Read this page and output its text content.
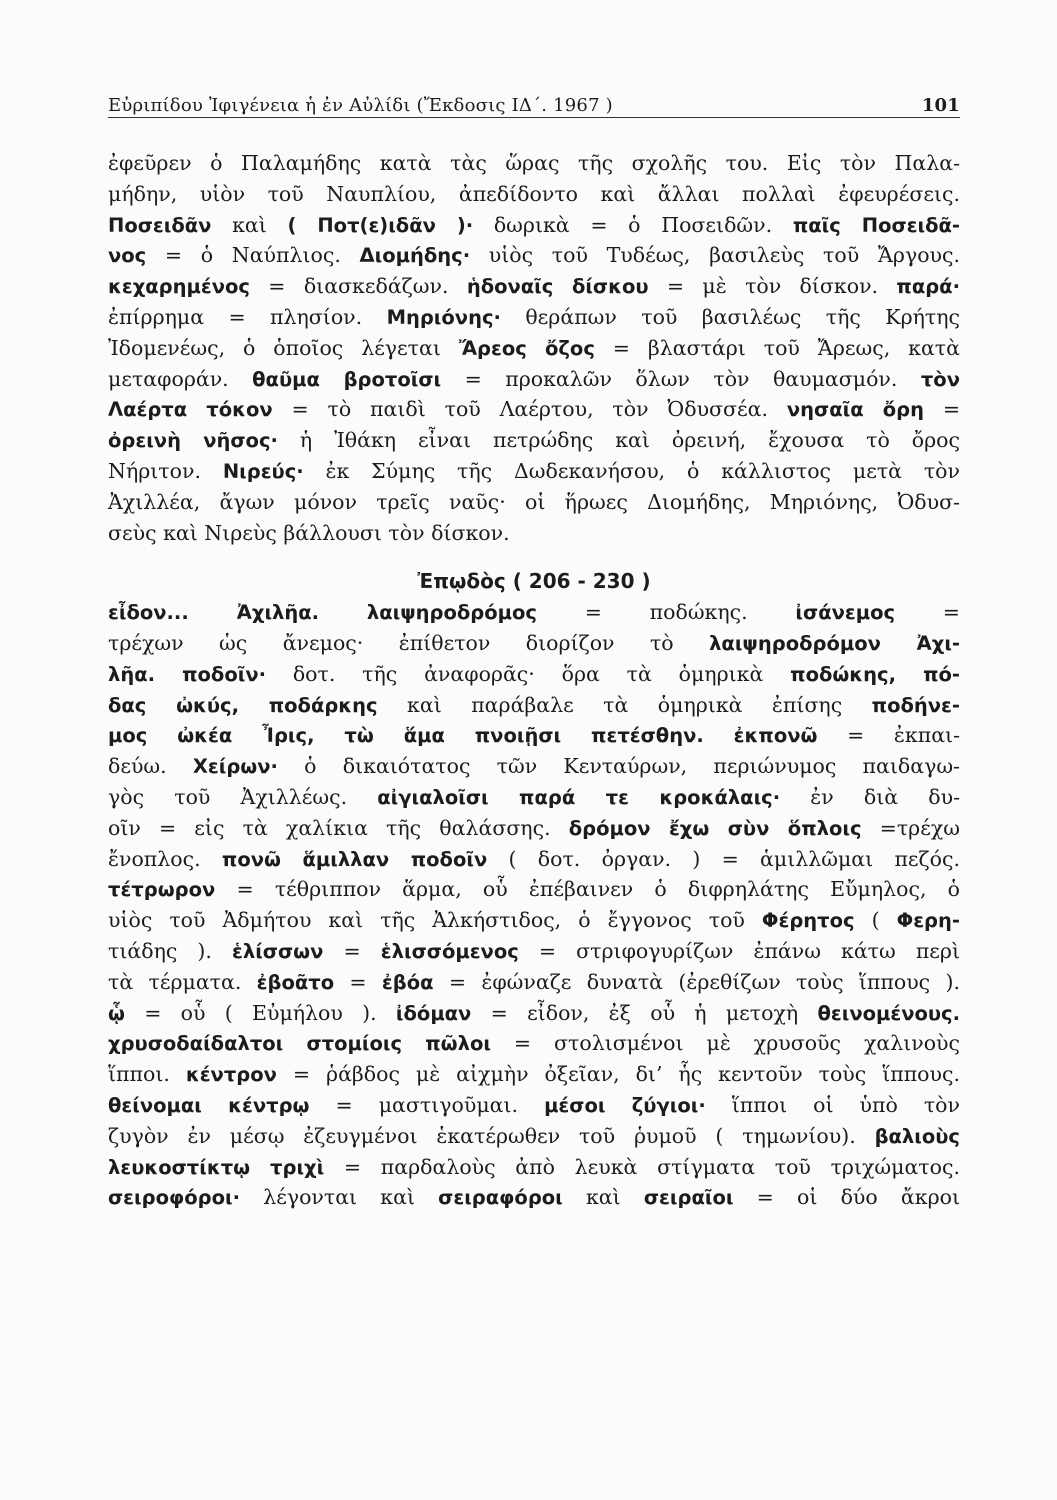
Εὐριπίδου Ἰφιγένεια ἡ ἐν Αὐλίδι (Ἔκδοσις ΙΔ΄. 1967 )	101
ἐφεῦρεν ὁ Παλαμήδης κατὰ τὰς ὥρας τῆς σχολῆς του. Εἰς τὸν Παλα-
μήδην, υἱὸν τοῦ Ναυπλίου, ἀπεδίδοντο καὶ ἄλλαι πολλαὶ ἐφευρέσεις.
Ποσειδᾶν καὶ ( Ποτ(ε)ιδᾶν )· δωρικὰ = ὁ Ποσειδῶν. παῖς Ποσειδᾶ-
νος = ὁ Ναύπλιος. Διομήδης· υἱὸς τοῦ Τυδέως, βασιλεὺς τοῦ Ἄργους.
κεχαρημένος = διασκεδάζων. ἡδοναῖς δίσκου = μὲ τὸν δίσκον. παρά·
ἐπίρρημα = πλησίον. Μηριόνης· θεράπων τοῦ βασιλέως τῆς Κρήτης
Ἰδομενέως, ὁ ὁποῖος λέγεται Ἄρεος ὄζος = βλαστάρι τοῦ Ἄρεως, κατὰ
μεταφοράν. θαῦμα βροτοῖσι = προκαλῶν ὅλων τὸν θαυμασμόν. τὸν
Λαέρτα τόκον = τὸ παιδὶ τοῦ Λαέρτου, τὸν Ὀδυσσέα. νησαῖα ὄρη =
ὀρεινὴ νῆσος· ἡ Ἰθάκη εἶναι πετρώδης καὶ ὀρεινή, ἔχουσα τὸ ὄρος
Νήριτον. Νιρεύς· ἐκ Σύμης τῆς Δωδεκανήσου, ὁ κάλλιστος μετὰ τὸν
Ἀχιλλέα, ἄγων μόνον τρεῖς ναῦς· οἱ ἥρωες Διομήδης, Μηριόνης, Ὀδυσ-
σεὺς καὶ Νιρεὺς βάλλουσι τὸν δίσκον.
Ἐπῳδὸς ( 206 - 230 )
εἶδον... Ἀχιλῆα. λαιψηροδρόμος = ποδώκης. ἰσάνεμος =
τρέχων ὡς ἄνεμος· ἐπίθετον διορίζον τὸ λαιψηροδρόμον Ἀχι-
λῆα. ποδοῖν· δοτ. τῆς ἀναφορᾶς· ὅρα τὰ ὁμηρικὰ ποδώκης, πό-
δας ὠκύς, ποδάρκης καὶ παράβαλε τὰ ὁμηρικὰ ἐπίσης ποδήνε-
μος ὠκέα Ἶρις, τὼ ἅμα πνοιῇσι πετέσθην. ἐκπονῶ = ἐκπαι-
δεύω. Χείρων· ὁ δικαιότατος τῶν Κενταύρων, περιώνυμος παιδαγω-
γὸς τοῦ Ἀχιλλέως. αἰγιαλοῖσι παρά τε κροκάλαις· ἐν διὰ δυ-
οῖν = εἰς τὰ χαλίκια τῆς θαλάσσης. δρόμον ἔχω σὺν ὅπλοις =τρέχω
ἔνοπλος. πονῶ ἅμιλλαν ποδοῖν ( δοτ. ὀργαν. ) = ἁμιλλῶμαι πεζός.
τέτρωρον = τέθριππον ἅρμα, οὗ ἐπέβαινεν ὁ διφρηλάτης Εὔμηλος, ὁ
υἱὸς τοῦ Ἀδμήτου καὶ τῆς Ἀλκήστιδος, ὁ ἔγγονος τοῦ Φέρητος ( Φερη-
τιάδης ). ἑλίσσων = ἑλισσόμενος = στριφογυρίζων ἐπάνω κάτω περὶ
τὰ τέρματα. ἐβοᾶτο = ἐβόα = ἐφώναζε δυνατὰ (ἐρεθίζων τοὺς ἵππους ).
ᾧ = οὗ ( Εὐμήλου ). ἰδόμαν = εἶδον, ἐξ οὗ ἡ μετοχὴ θεινομένους.
χρυσοδαίδαλτοι στομίοις πῶλοι = στολισμένοι μὲ χρυσοῦς χαλινοὺς
ἵπποι. κέντρον = ῥάβδος μὲ αἰχμὴν ὀξεῖαν, δι’ ἧς κεντοῦν τοὺς ἵππους.
θείνομαι κέντρῳ = μαστιγοῦμαι. μέσοι ζύγιοι· ἵπποι οἱ ὑπὸ τὸν
ζυγὸν ἐν μέσῳ ἐζευγμένοι ἑκατέρωθεν τοῦ ῥυμοῦ ( τημωνίου). βαλιοὺς
λευκοστίκτῳ τριχὶ = παρδαλοὺς ἀπὸ λευκὰ στίγματα τοῦ τριχώματος.
σειροφόροι· λέγονται καὶ σειραφόροι καὶ σειραῖοι = οἱ δύο ἄκροι
